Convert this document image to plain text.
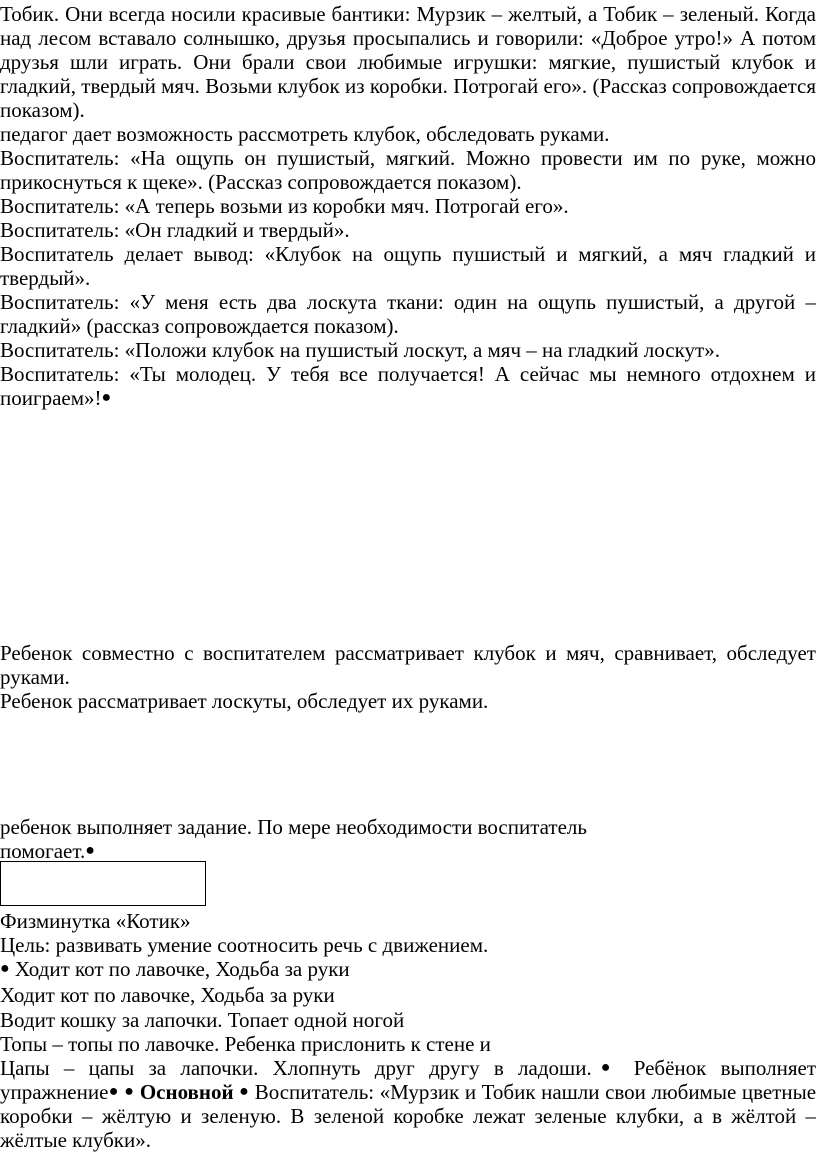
Тобик. Они всегда носили красивые бантики: Мурзик – желтый, а Тобик – зеленый. Когда над лесом вставало солнышко, друзья просыпались и говорили: «Доброе утро!» А потом друзья шли играть. Они брали свои любимые игрушки: мягкие, пушистый клубок и гладкий, твердый мяч. Возьми клубок из коробки. Потрогай его». (Рассказ сопровождается показом).

педагог дает возможность рассмотреть клубок, обследовать руками.

Воспитатель: «На ощупь он пушистый, мягкий. Можно провести им по руке, можно прикоснуться к щеке». (Рассказ сопровождается показом).

Воспитатель: «А теперь возьми из коробки мяч. Потрогай его».

Воспитатель: «Он гладкий и твердый».

Воспитатель делает вывод: «Клубок на ощупь пушистый и мягкий, а мяч гладкий и твердый».

Воспитатель: «У меня есть два лоскута ткани: один на ощупь пушистый, а другой – гладкий» (рассказ сопровождается показом).

Воспитатель: «Положи клубок на пушистый лоскут, а мяч – на гладкий лоскут».

Воспитатель: «Ты молодец. У тебя все получается! А сейчас мы немного отдохнем и поиграем»!●

Ребенок совместно с воспитателем рассматривает клубок и мяч, сравнивает, обследует руками.

Ребенок рассматривает лоскуты, обследует их руками.

ребенок выполняет задание. По мере необходимости воспитатель

помогает.●

Физминутка «Котик»

Цель: развивать умение соотносить речь с движением.

● Ходит кот по лавочке, Ходьба за руки

Ходит кот по лавочке, Ходьба за руки

Водит кошку за лапочки. Топает одной ногой

Топы – топы по лавочке. Ребенка прислонить к стене и

Цапы – цапы за лапочки. Хлопнуть друг другу в ладоши.● Ребёнок выполняет упражнение● ● Основной ● Воспитатель: «Мурзик и Тобик нашли свои любимые цветные коробки – жёлтую и зеленую. В зеленой коробке лежат зеленые клубки, а в жёлтой – жёлтые клубки».
